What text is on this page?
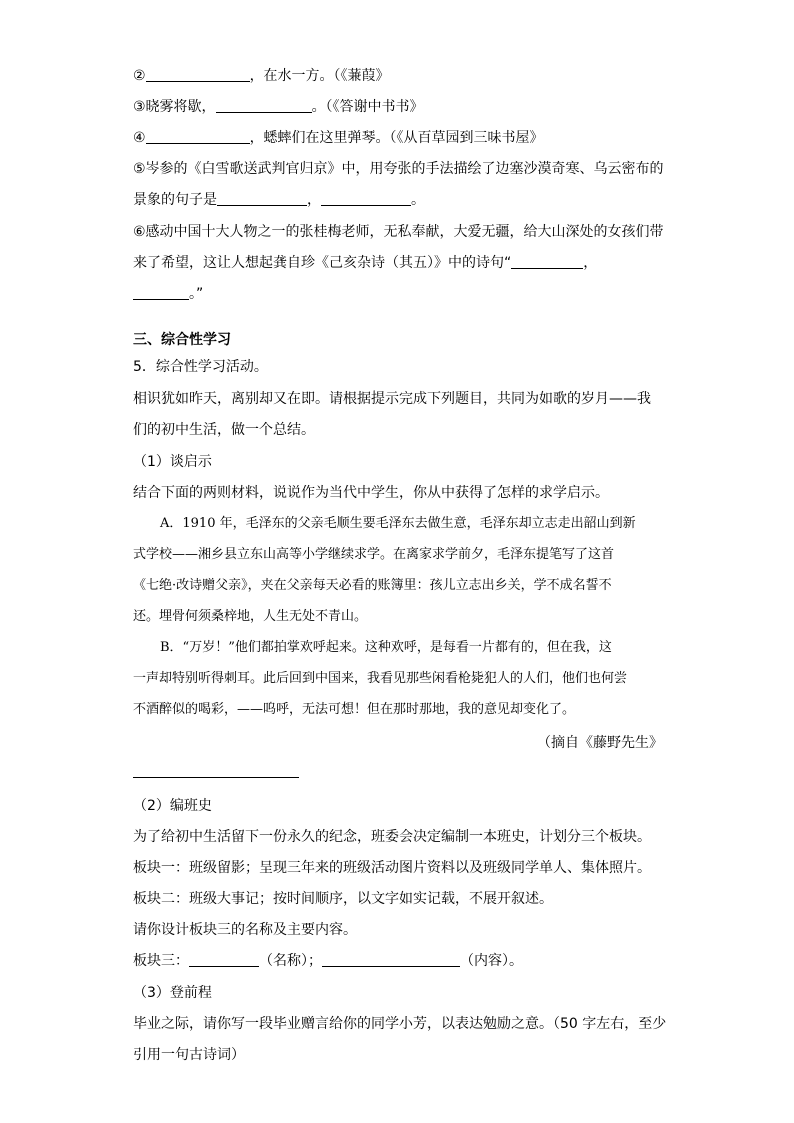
②	，在水一方。（《蒹葭》
③晓雾将歇，	。（《答谢中书书》
④	，蟋蟀们在这里弹琴。（《从百草园到三味书屋》
⑤岑参的《白雪歌送武判官归京》中，用夸张的手法描绘了边塞沙漠奇寒、乌云密布的
景象的句子是	，	。
⑥感动中国十大人物之一的张桂梅老师，无私奉献，大爱无疆，给大山深处的女孩们带
来了希望，这让人想起龚自珍《己亥杂诗（其五）》中的诗句“	，
。”
三、综合性学习
5．综合性学习活动。
相识犹如昨天，离别却又在即。请根据提示完成下列题目，共同为如歌的岁月——我
们的初中生活，做一个总结。
（1）谈启示
结合下面的两则材料，说说作为当代中学生，你从中获得了怎样的求学启示。
A．1910 年，毛泽东的父亲毛顺生要毛泽东去做生意，毛泽东却立志走出韶山到新
式学校——湘乡县立东山高等小学继续求学。在离家求学前夕，毛泽东提笔写了这首
《七绝·改诗赠父亲》，夹在父亲每天必看的账簿里：孩儿立志出乡关，学不成名誓不
还。埋骨何须桑梓地，人生无处不青山。
B．“万岁！”他们都拍掌欢呼起来。这种欢呼，是每看一片都有的，但在我，这
一声却特别听得刺耳。此后回到中国来，我看见那些闲看枪毙犯人的人们，他们也何尝
不酒醉似的喝彩，——呜呼，无法可想！但在那时那地，我的意见却变化了。
（摘自《藤野先生》
（2）编班史
为了给初中生活留下一份永久的纪念，班委会决定编制一本班史，计划分三个板块。
板块一：班级留影；呈现三年来的班级活动图片资料以及班级同学单人、集体照片。
板块二：班级大事记；按时间顺序，以文字如实记载，不展开叙述。
请你设计板块三的名称及主要内容。
板块三：	（名称）；	（内容）。
（3）登前程
毕业之际，请你写一段毕业赠言给你的同学小芳，以表达勉励之意。（50 字左右，至少
引用一句古诗词）
